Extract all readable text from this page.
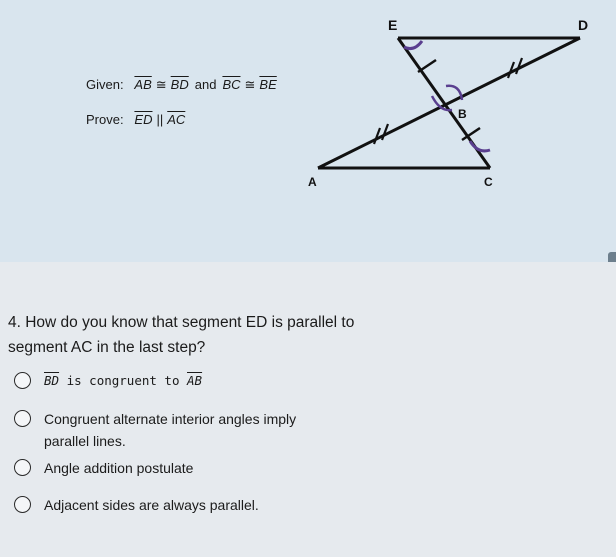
Given: $\overline{AB}$ ≅ $\overline{BD}$ and $\overline{BC}$ ≅ $\overline{BE}$
Prove: $\overline{ED}$ || $\overline{AC}$
E	D
B
A	C
4. How do you know that segment ED is parallel to segment AC in the last step?
$\overline{BD}$ is congruent to $\overline{AB}$
Congruent alternate interior angles imply parallel lines.
Angle addition postulate
Adjacent sides are always parallel.
